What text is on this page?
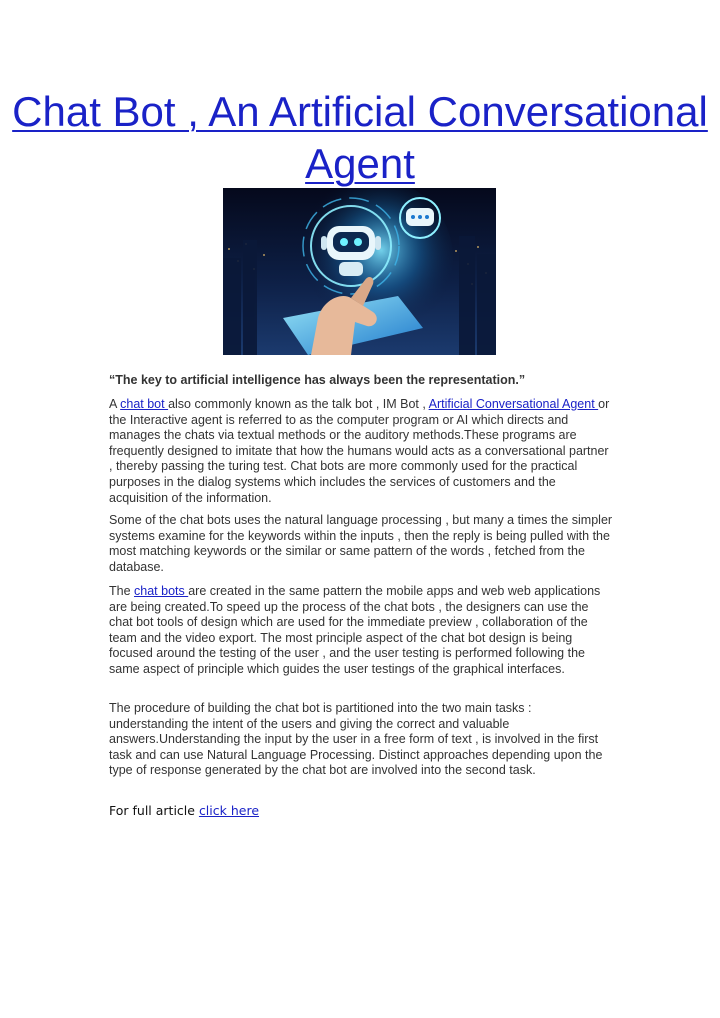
Chat Bot , An Artificial Conversational Agent

“The key to artificial intelligence has always been the representation.”

A chat bot also commonly known as the talk bot , IM Bot , Artificial Conversational Agent or the Interactive agent is referred to as the computer program or AI which directs and manages the chats via textual methods or the auditory methods.These programs are frequently designed to imitate that how the humans would acts as a conversational partner , thereby passing the turing test. Chat bots are more commonly used for the practical purposes in the dialog systems which includes the services of customers and the acquisition of the information.

Some of the chat bots uses the natural language processing , but many a times the simpler systems examine for the keywords within the inputs , then the reply is being pulled with the most matching keywords or the similar or same pattern of the words , fetched from the database.

The chat bots are created in the same pattern the mobile apps and web web applications are being created.To speed up the process of the chat bots , the designers can use the chat bot tools of design which are used for the immediate preview , collaboration of the team and the video export. The most principle aspect of the chat bot design is being focused around the testing of the user , and the user testing is performed following the same aspect of principle which guides the user testings of the graphical interfaces.

The procedure of building the chat bot is partitioned into the two main tasks : understanding the intent of the users and giving the correct and valuable answers.Understanding the input by the user in a free form of text , is involved in the first task and can use Natural Language Processing. Distinct approaches depending upon the type of response generated by the chat bot are involved into the second task.

For full article click here
